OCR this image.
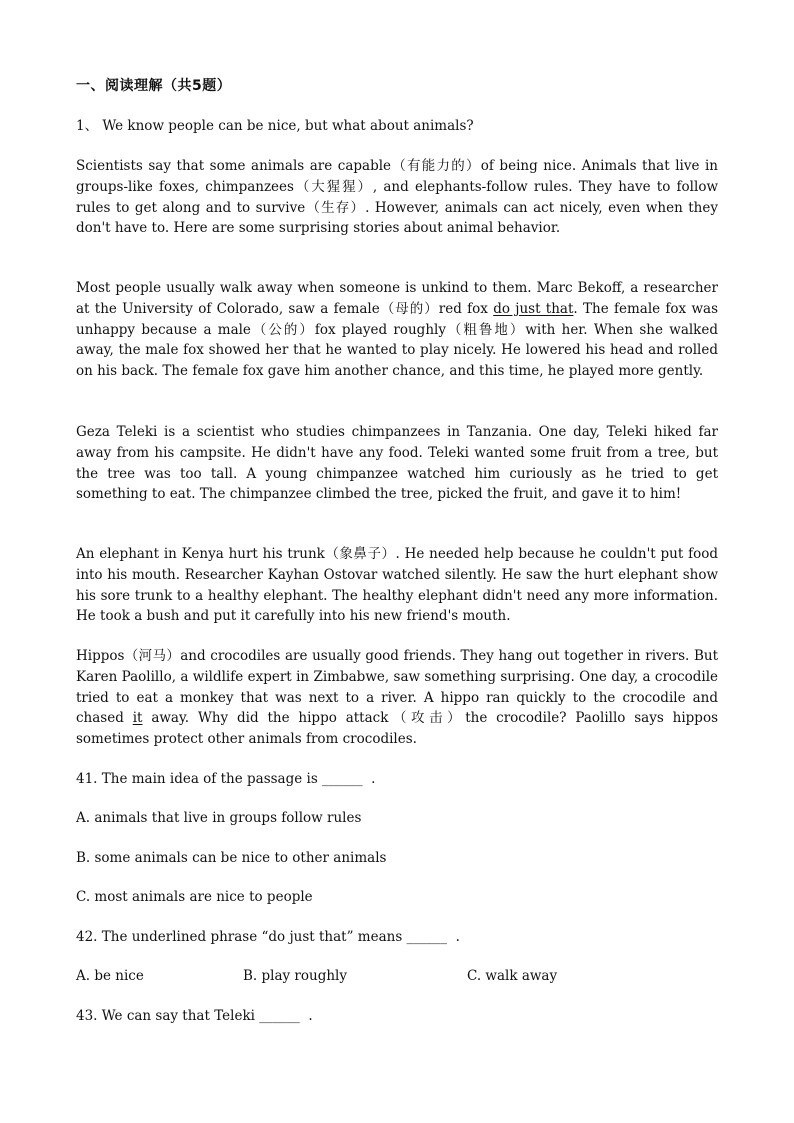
一、阅读理解（共5题）
1、 We know people can be nice, but what about animals?
Scientists say that some animals are capable（有能力的）of being nice. Animals that live in groups-like foxes, chimpanzees（大猩猩）, and elephants-follow rules. They have to follow rules to get along and to survive（生存）. However, animals can act nicely, even when they don't have to. Here are some surprising stories about animal behavior.
Most people usually walk away when someone is unkind to them. Marc Bekoff, a researcher at the University of Colorado, saw a female（母的）red fox do just that. The female fox was unhappy because a male（公的）fox played roughly（粗鲁地）with her. When she walked away, the male fox showed her that he wanted to play nicely. He lowered his head and rolled on his back. The female fox gave him another chance, and this time, he played more gently.
Geza Teleki is a scientist who studies chimpanzees in Tanzania. One day, Teleki hiked far away from his campsite. He didn't have any food. Teleki wanted some fruit from a tree, but the tree was too tall. A young chimpanzee watched him curiously as he tried to get something to eat. The chimpanzee climbed the tree, picked the fruit, and gave it to him!
An elephant in Kenya hurt his trunk（象鼻子）. He needed help because he couldn't put food into his mouth. Researcher Kayhan Ostovar watched silently. He saw the hurt elephant show his sore trunk to a healthy elephant. The healthy elephant didn't need any more information. He took a bush and put it carefully into his new friend's mouth.
Hippos（河马）and crocodiles are usually good friends. They hang out together in rivers. But Karen Paolillo, a wildlife expert in Zimbabwe, saw something surprising. One day, a crocodile tried to eat a monkey that was next to a river. A hippo ran quickly to the crocodile and chased it away. Why did the hippo attack（攻击）the crocodile? Paolillo says hippos sometimes protect other animals from crocodiles.
41. The main idea of the passage is ______  .
A. animals that live in groups follow rules
B. some animals can be nice to other animals
C. most animals are nice to people
42. The underlined phrase “do just that” means ______  .
A. be nice	B. play roughly	C. walk away
43. We can say that Teleki ______  .
